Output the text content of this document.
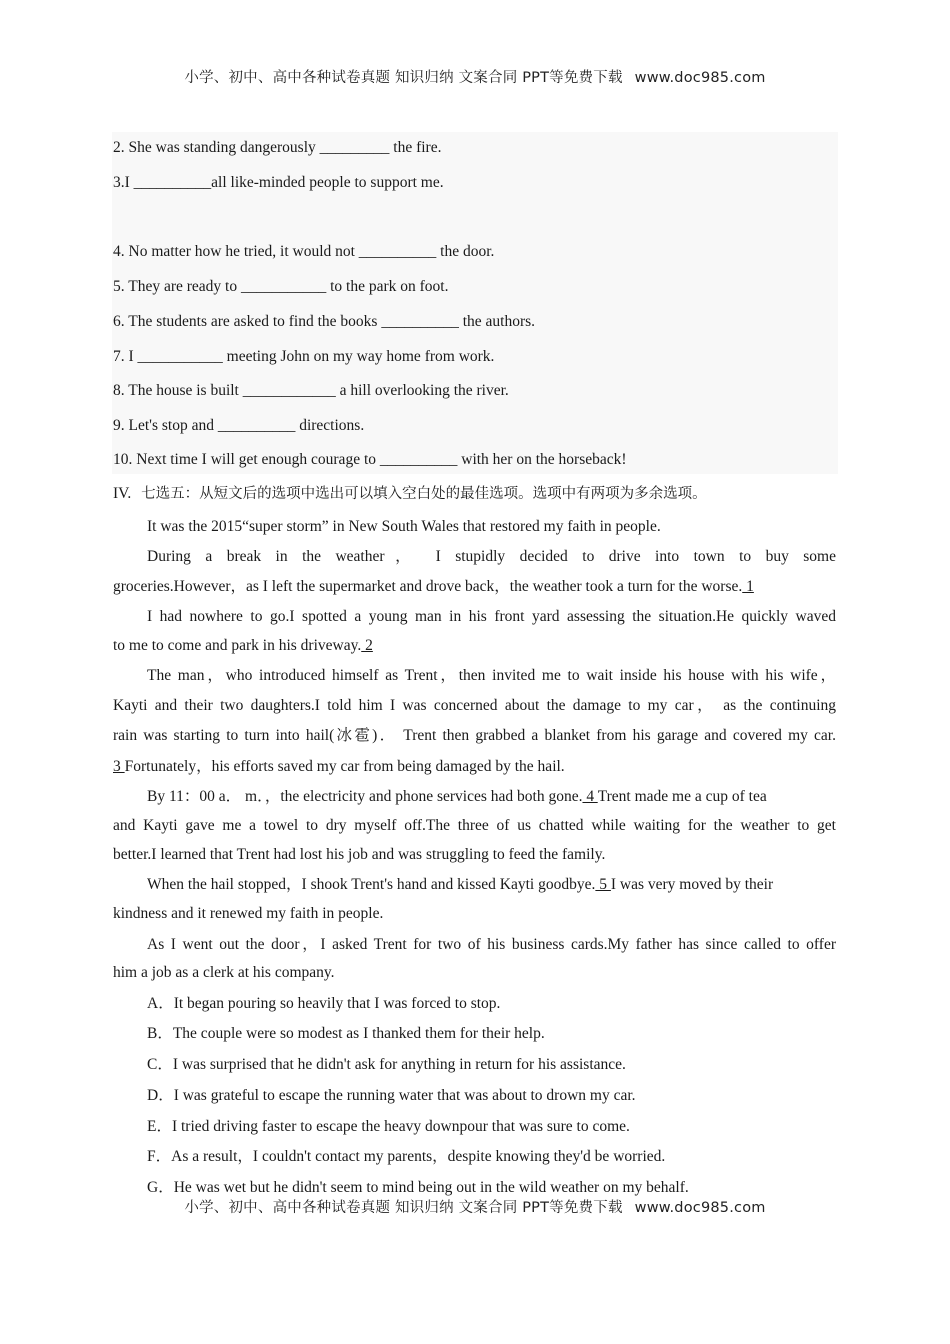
小学、初中、高中各种试卷真题 知识归纳 文案合同 PPT等免费下载 www.doc985.com
2. She was standing dangerously _________ the fire.
3.I __________all like-minded people to support me.
4. No matter how he tried, it would not __________ the door.
5. They are ready to ___________ to the park on foot.
6. The students are asked to find the books __________ the authors.
7. I ___________ meeting John on my way home from work.
8. The house is built ____________ a hill overlooking the river.
9. Let's stop and __________ directions.
10. Next time I will get enough courage to __________ with her on the horseback!
IV. 七选五：从短文后的选项中选出可以填入空白处的最佳选项。选项中有两项为多余选项。
It was the 2015“super storm” in New South Wales that restored my faith in people.
During a break in the weather， I stupidly decided to drive into town to buy some
groceries.However，as I left the supermarket and drove back，the weather took a turn for the worse. 1
I had nowhere to go.I spotted a young man in his front yard assessing the situation.He quickly waved
to me to come and park in his driveway. 2
The man，who introduced himself as Trent，then invited me to wait inside his house with his wife，
Kayti and their two daughters.I told him I was concerned about the damage to my car， as the continuing
rain was starting to turn into hail(冰雹)． Trent then grabbed a blanket from his garage and covered my car.
3 Fortunately，his efforts saved my car from being damaged by the hail.
By 11：00 a． m．，the electricity and phone services had both gone. 4 Trent made me a cup of tea
and Kayti gave me a towel to dry myself off.The three of us chatted while waiting for the weather to get
better.I learned that Trent had lost his job and was struggling to feed the family.
When the hail stopped，I shook Trent's hand and kissed Kayti goodbye. 5 I was very moved by their
kindness and it renewed my faith in people.
As I went out the door，I asked Trent for two of his business cards.My father has since called to offer
him a job as a clerk at his company.
A．It began pouring so heavily that I was forced to stop.
B．The couple were so modest as I thanked them for their help.
C．I was surprised that he didn't ask for anything in return for his assistance.
D．I was grateful to escape the running water that was about to drown my car.
E．I tried driving faster to escape the heavy downpour that was sure to come.
F．As a result，I couldn't contact my parents，despite knowing they'd be worried.
G．He was wet but he didn't seem to mind being out in the wild weather on my behalf.
小学、初中、高中各种试卷真题 知识归纳 文案合同 PPT等免费下载 www.doc985.com
